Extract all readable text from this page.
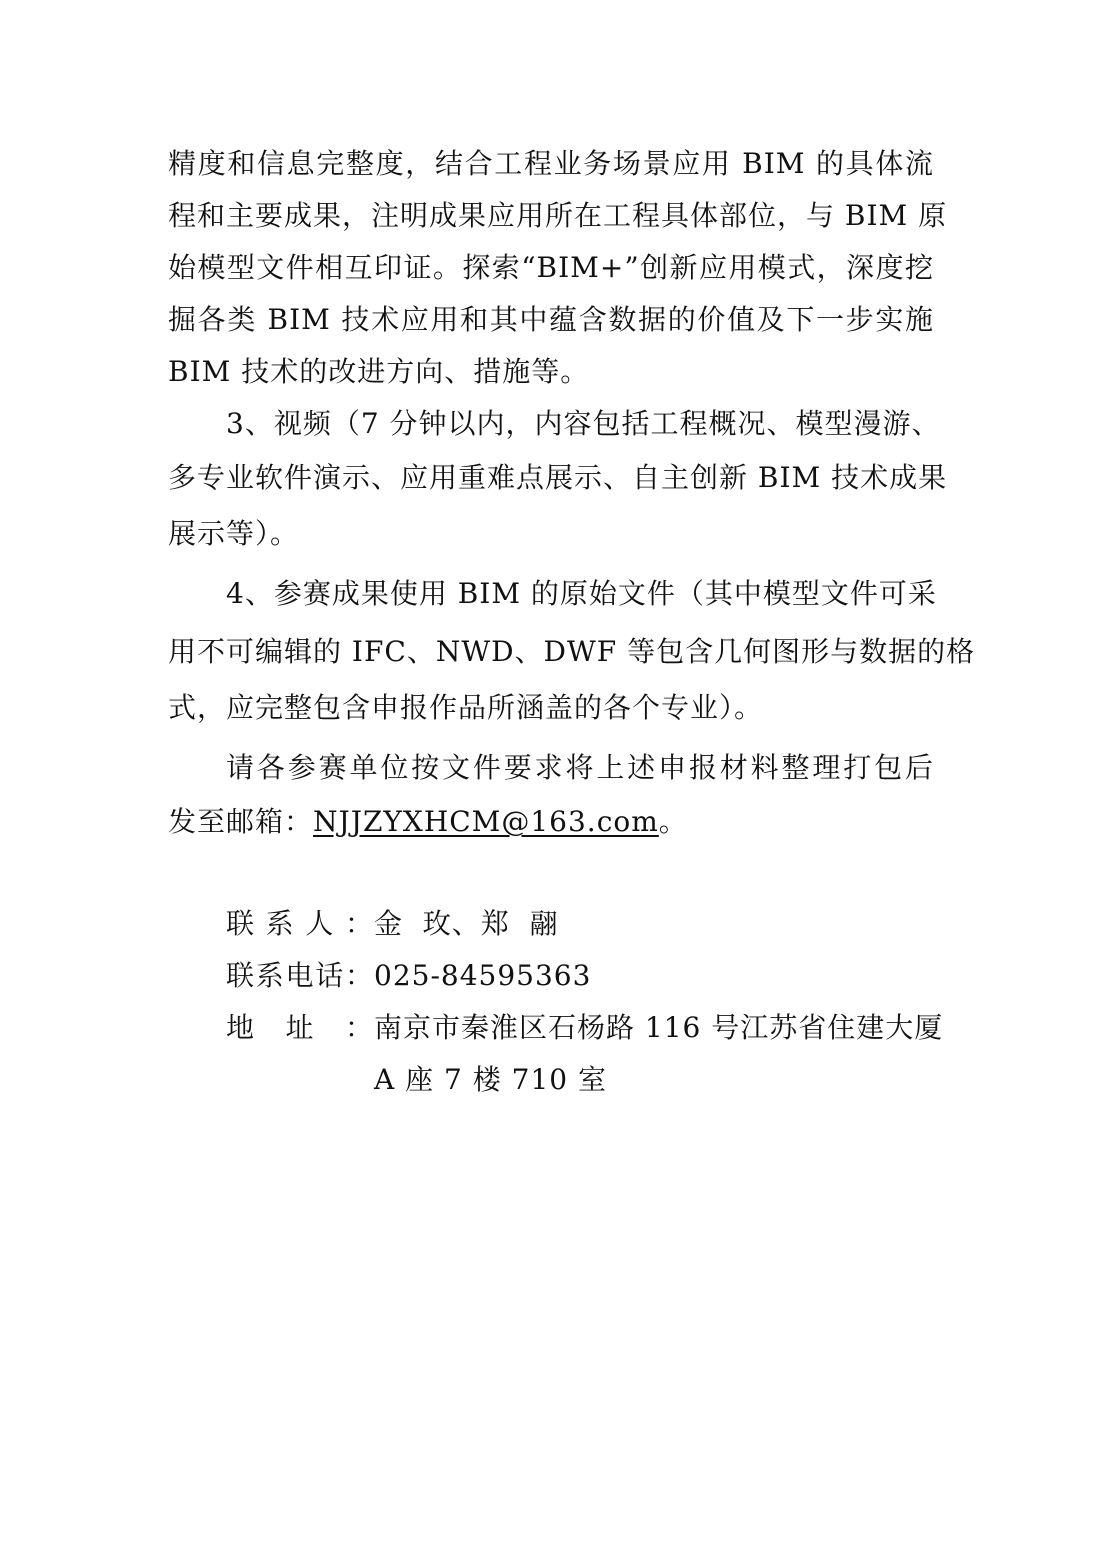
精度和信息完整度，结合工程业务场景应用 BIM 的具体流
程和主要成果，注明成果应用所在工程具体部位，与 BIM 原
始模型文件相互印证。探索“BIM+”创新应用模式，深度挖
掘各类 BIM 技术应用和其中蕴含数据的价值及下一步实施
BIM 技术的改进方向、措施等。
3、视频（7 分钟以内，内容包括工程概况、模型漫游、
多专业软件演示、应用重难点展示、自主创新 BIM 技术成果
展示等）。
4、参赛成果使用 BIM 的原始文件（其中模型文件可采
用不可编辑的 IFC、NWD、DWF 等包含几何图形与数据的格
式，应完整包含申报作品所涵盖的各个专业）。
请各参赛单位按文件要求将上述申报材料整理打包后
发至邮箱：NJJZYXHCM@163.com。
联系人： 金  玫、郑  翮
联系电话： 025-84595363
地址： 南京市秦淮区石杨路 116 号江苏省住建大厦
A 座 7 楼 710 室
